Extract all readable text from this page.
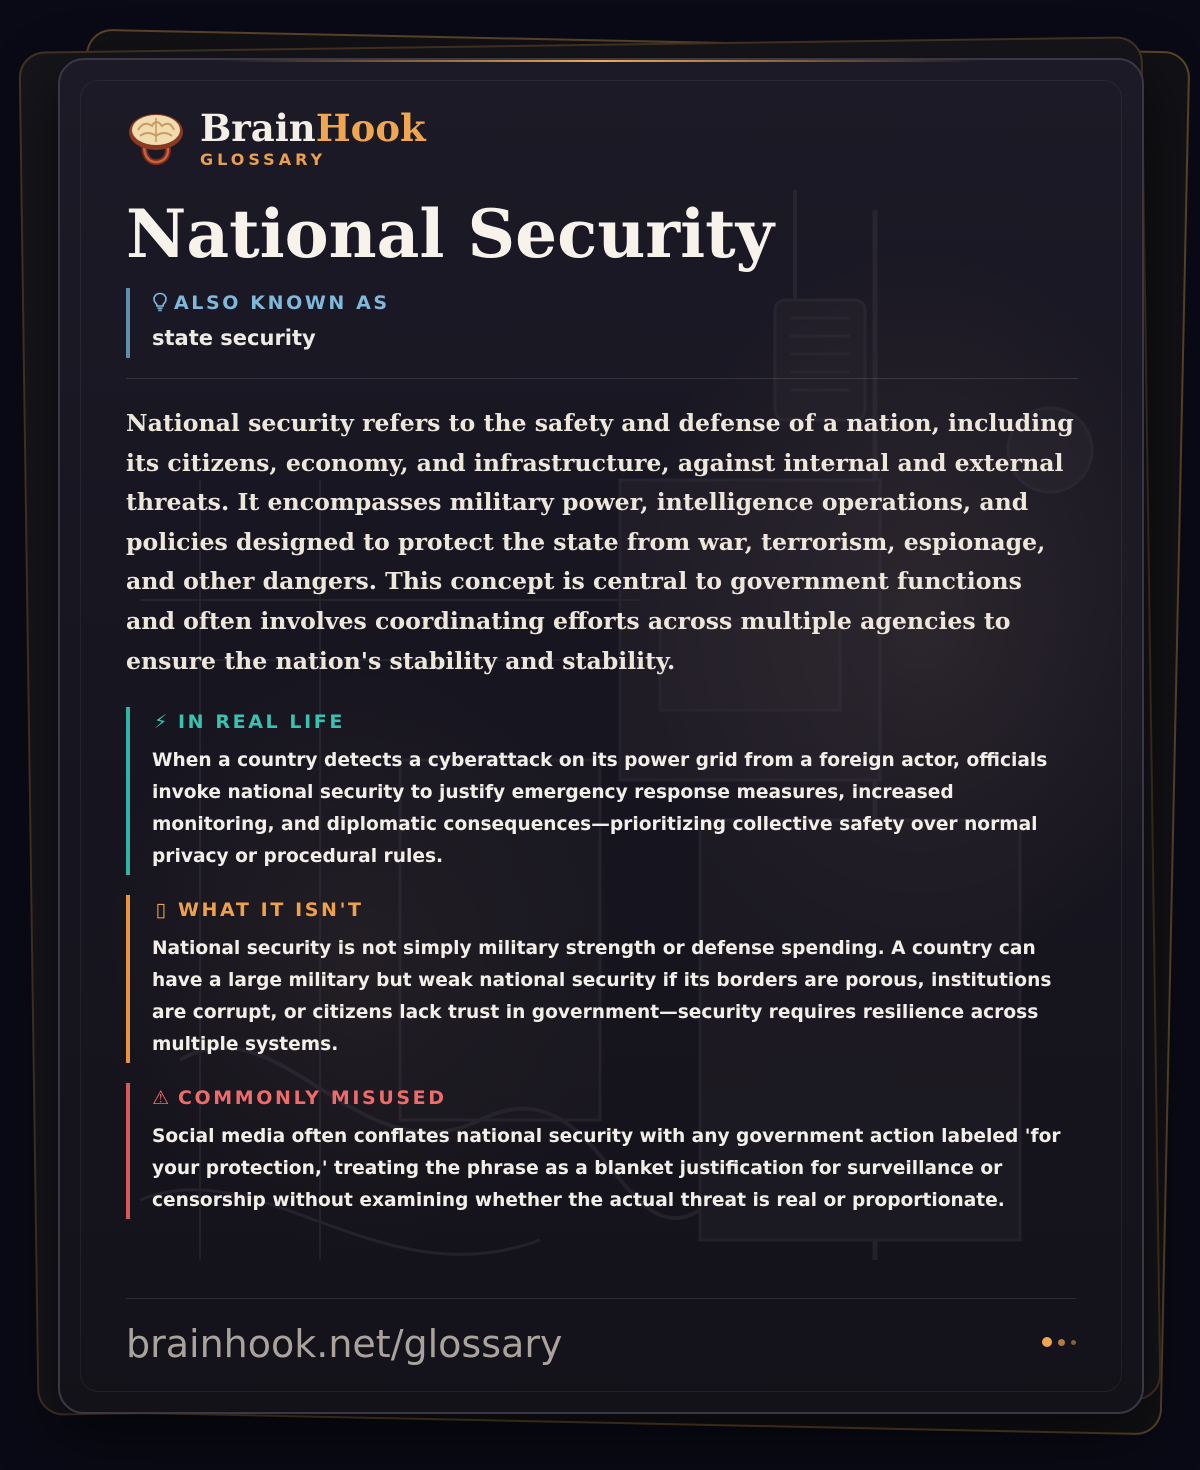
BrainHook
GLOSSARY
National Security
ALSO KNOWN AS
state security
National security refers to the safety and defense of a nation, including its citizens, economy, and infrastructure, against internal and external threats. It encompasses military power, intelligence operations, and policies designed to protect the state from war, terrorism, espionage, and other dangers. This concept is central to government functions and often involves coordinating efforts across multiple agencies to ensure the nation's stability and stability.
⚡ IN REAL LIFE
When a country detects a cyberattack on its power grid from a foreign actor, officials invoke national security to justify emergency response measures, increased monitoring, and diplomatic consequences—prioritizing collective safety over normal privacy or procedural rules.
▯ WHAT IT ISN'T
National security is not simply military strength or defense spending. A country can have a large military but weak national security if its borders are porous, institutions are corrupt, or citizens lack trust in government—security requires resilience across multiple systems.
⚠ COMMONLY MISUSED
Social media often conflates national security with any government action labeled 'for your protection,' treating the phrase as a blanket justification for surveillance or censorship without examining whether the actual threat is real or proportionate.
brainhook.net/glossary
